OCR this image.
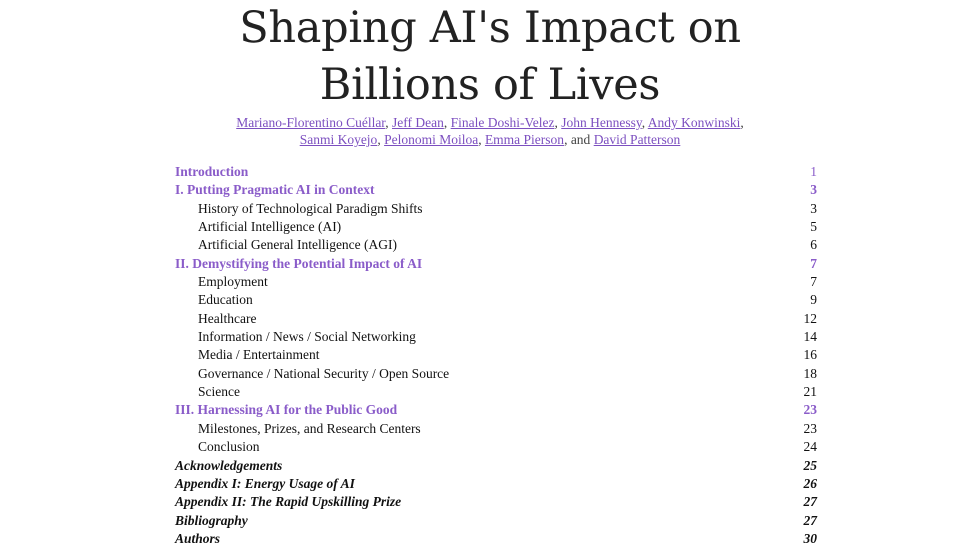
Shaping AI's Impact on
Billions of Lives
Mariano-Florentino Cuéllar, Jeff Dean, Finale Doshi-Velez, John Hennessy, Andy Konwinski,
Sanmi Koyejo, Pelonomi Moiloa, Emma Pierson, and David Patterson
Introduction	1
I. Putting Pragmatic AI in Context	3
History of Technological Paradigm Shifts	3
Artificial Intelligence (AI)	5
Artificial General Intelligence (AGI)	6
II. Demystifying the Potential Impact of AI	7
Employment	7
Education	9
Healthcare	12
Information / News / Social Networking	14
Media / Entertainment	16
Governance / National Security / Open Source	18
Science	21
III. Harnessing AI for the Public Good	23
Milestones, Prizes, and Research Centers	23
Conclusion	24
Acknowledgements	25
Appendix I: Energy Usage of AI	26
Appendix II: The Rapid Upskilling Prize	27
Bibliography	27
Authors	30
